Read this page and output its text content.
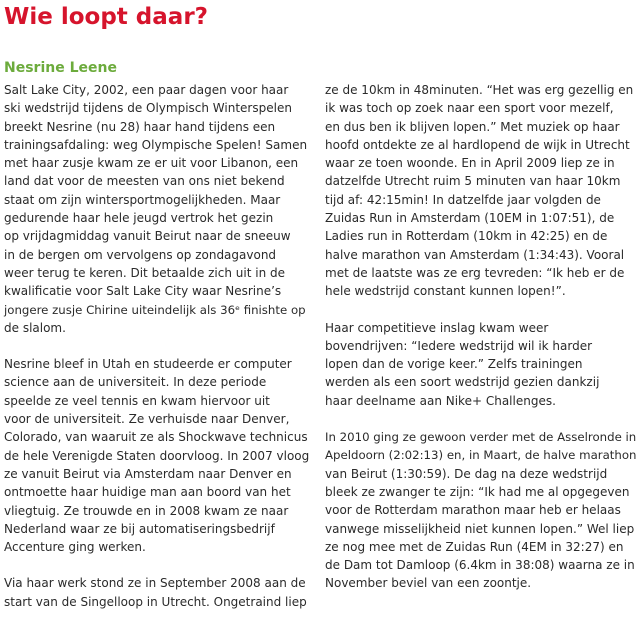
Wie loopt daar?
Nesrine Leene

Salt Lake City, 2002, een paar dagen voor haar
ski wedstrijd tijdens de Olympisch Winterspelen
breekt Nesrine (nu 28) haar hand tijdens een
trainingsafdaling: weg Olympische Spelen! Samen
met haar zusje kwam ze er uit voor Libanon, een
land dat voor de meesten van ons niet bekend
staat om zijn wintersportmogelijkheden. Maar
gedurende haar hele jeugd vertrok het gezin
op vrijdagmiddag vanuit Beirut naar de sneeuw
in de bergen om vervolgens op zondagavond
weer terug te keren. Dit betaalde zich uit in de
kwalificatie voor Salt Lake City waar Nesrine’s
jongere zusje Chirine uiteindelijk als 36ᵉ finishte op
de slalom.

Nesrine bleef in Utah en studeerde er computer
science aan de universiteit. In deze periode
speelde ze veel tennis en kwam hiervoor uit
voor de universiteit. Ze verhuisde naar Denver,
Colorado, van waaruit ze als Shockwave technicus
de hele Verenigde Staten doorvloog. In 2007 vloog
ze vanuit Beirut via Amsterdam naar Denver en
ontmoette haar huidige man aan boord van het
vliegtuig. Ze trouwde en in 2008 kwam ze naar
Nederland waar ze bij automatiseringsbedrijf
Accenture ging werken.

Via haar werk stond ze in September 2008 aan de
start van de Singelloop in Utrecht. Ongetraind liep

ze de 10km in 48minuten. “Het was erg gezellig en
ik was toch op zoek naar een sport voor mezelf,
en dus ben ik blijven lopen.” Met muziek op haar
hoofd ontdekte ze al hardlopend de wijk in Utrecht
waar ze toen woonde. En in April 2009 liep ze in
datzelfde Utrecht ruim 5 minuten van haar 10km
tijd af: 42:15min! In datzelfde jaar volgden de
Zuidas Run in Amsterdam (10EM in 1:07:51), de
Ladies run in Rotterdam (10km in 42:25) en de
halve marathon van Amsterdam (1:34:43). Vooral
met de laatste was ze erg tevreden: “Ik heb er de
hele wedstrijd constant kunnen lopen!”.

Haar competitieve inslag kwam weer
bovendrijven: “Iedere wedstrijd wil ik harder
lopen dan de vorige keer.” Zelfs trainingen
werden als een soort wedstrijd gezien dankzij
haar deelname aan Nike+ Challenges.

In 2010 ging ze gewoon verder met de Asselronde in
Apeldoorn (2:02:13) en, in Maart, de halve marathon
van Beirut (1:30:59). De dag na deze wedstrijd
bleek ze zwanger te zijn: “Ik had me al opgegeven
voor de Rotterdam marathon maar heb er helaas
vanwege misselijkheid niet kunnen lopen.” Wel liep
ze nog mee met de Zuidas Run (4EM in 32:27) en
de Dam tot Damloop (6.4km in 38:08) waarna ze in
November beviel van een zoontje.
